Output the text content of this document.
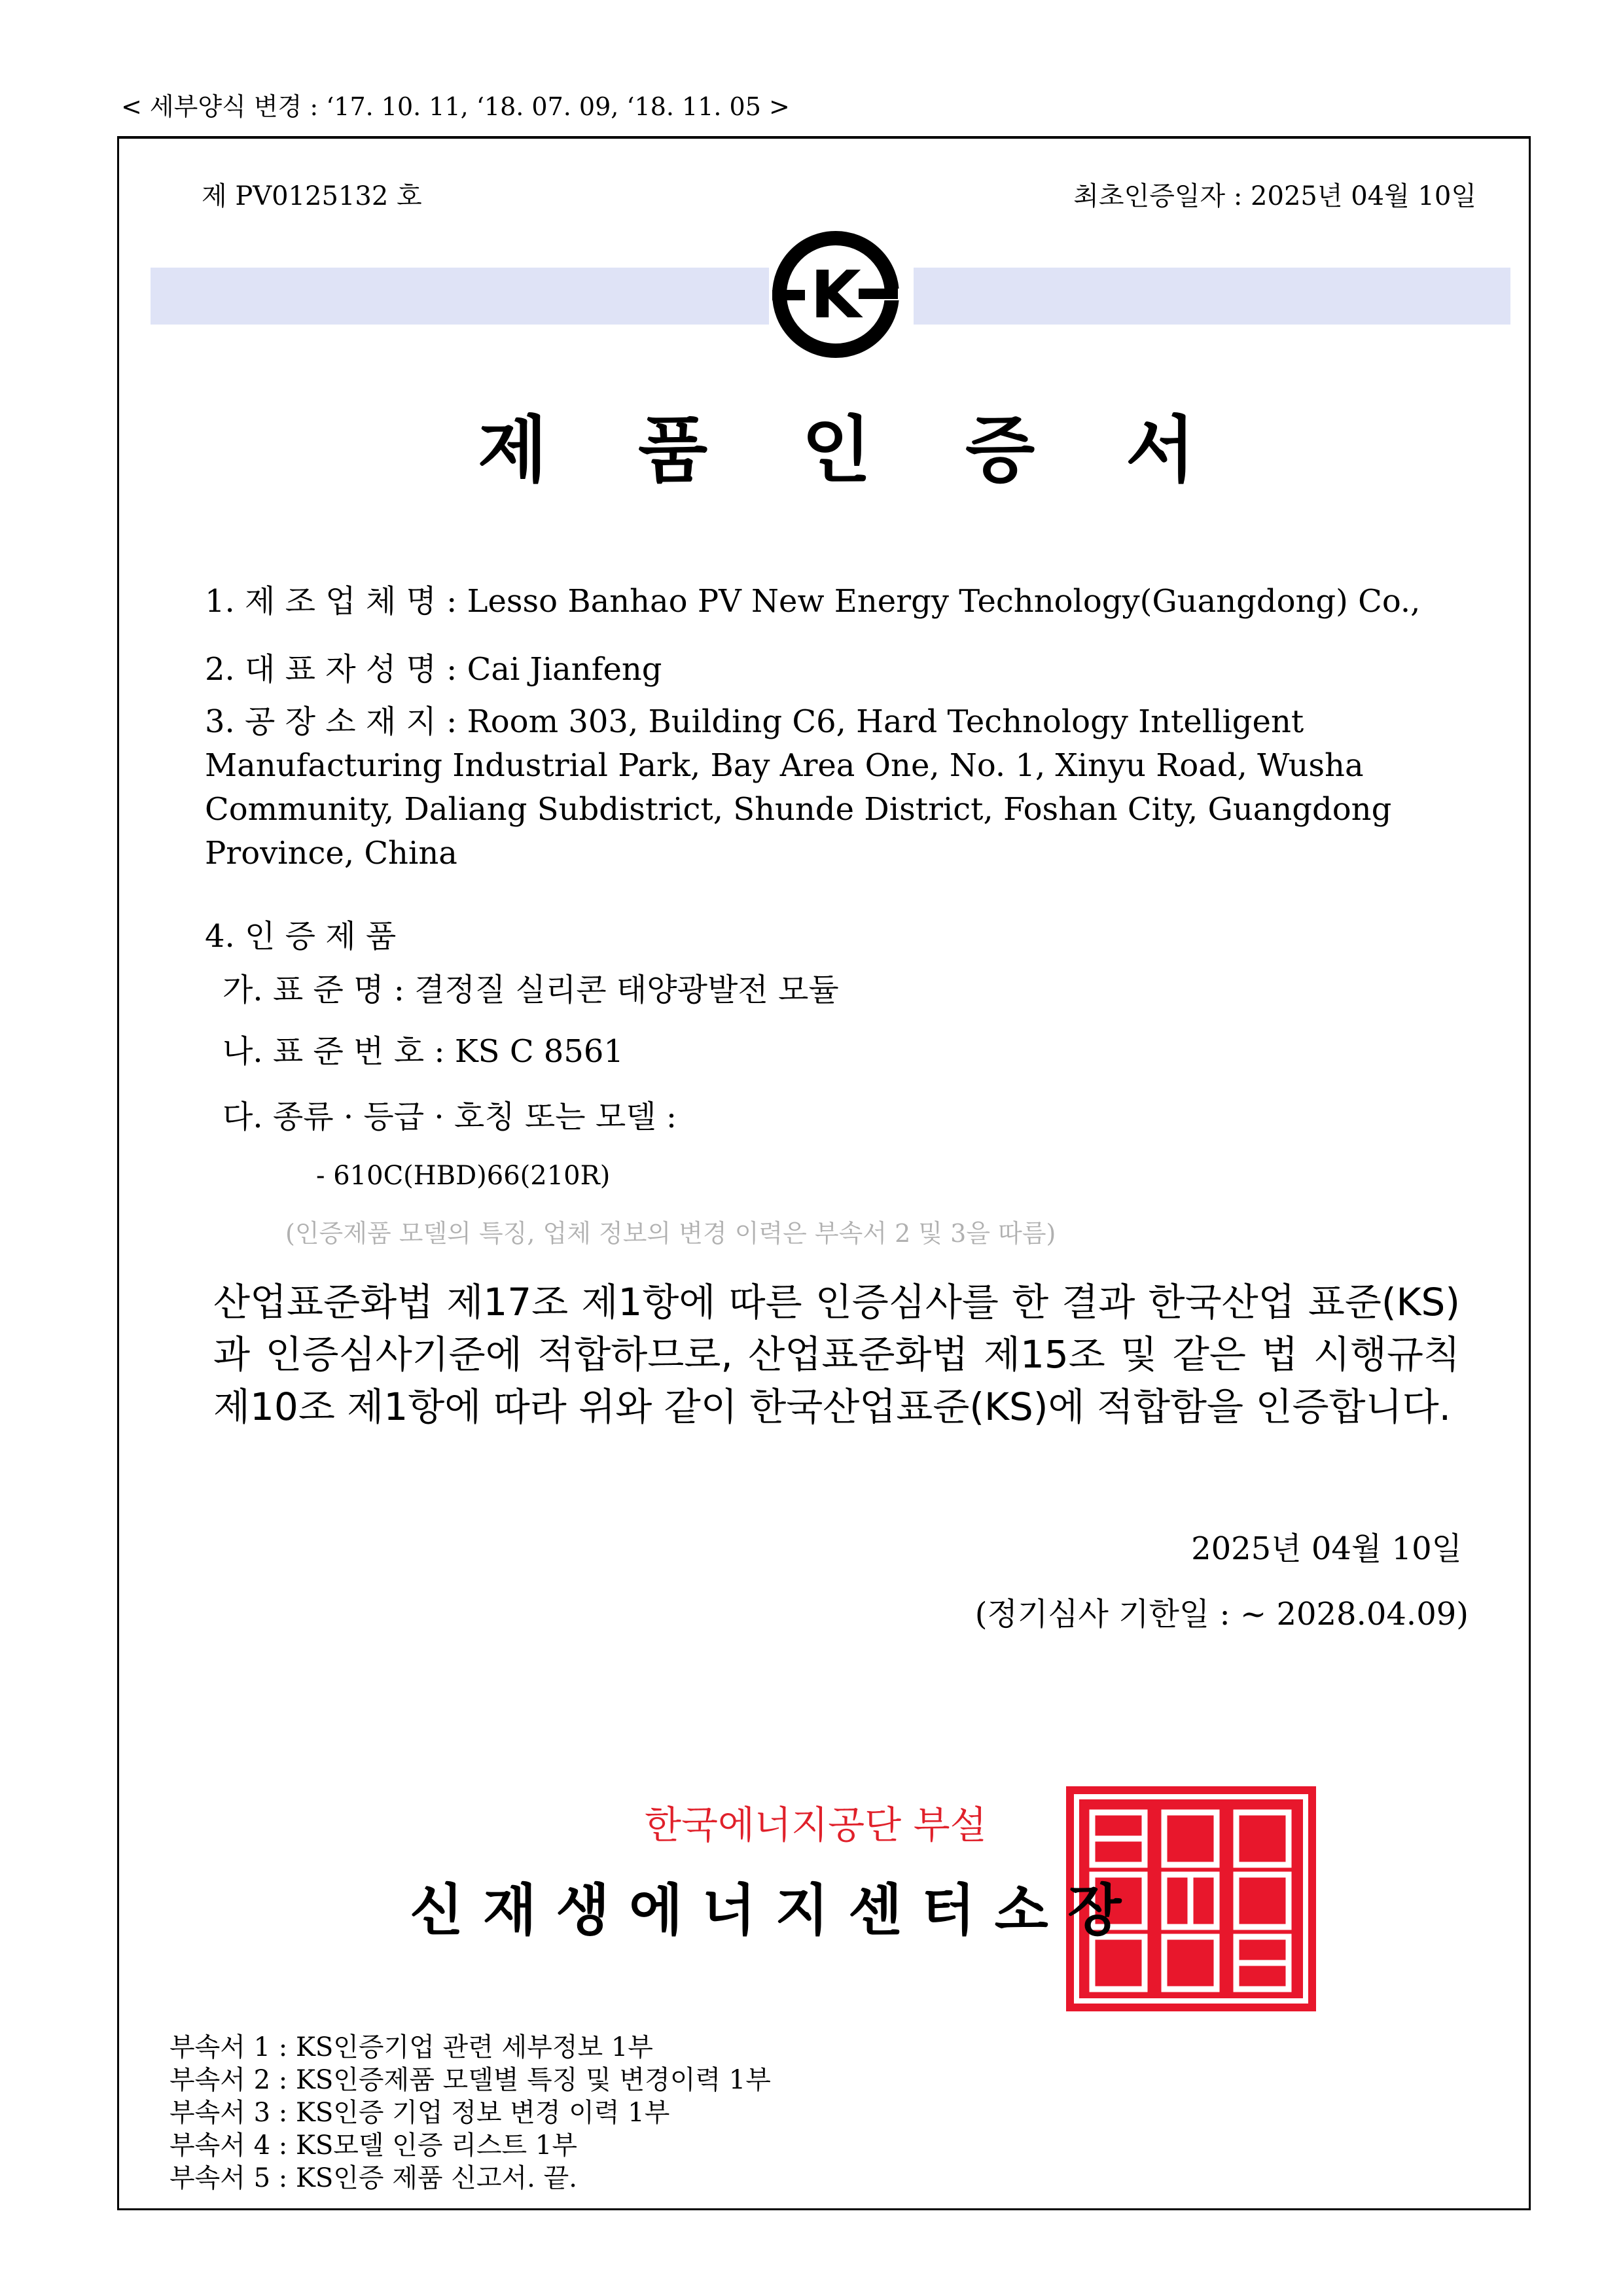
< 세부양식 변경 : ‘17. 10. 11, ‘18. 07. 09, ‘18. 11. 05 >
제 PV0125132 호	최초인증일자 : 2025년 04월 10일
K
제 품 인 증 서
1. 제 조 업 체 명 : Lesso Banhao PV New Energy Technology(Guangdong) Co.,
2. 대 표 자 성 명 : Cai Jianfeng
3. 공 장 소 재 지 : Room 303, Building C6, Hard Technology Intelligent
Manufacturing Industrial Park, Bay Area One, No. 1, Xinyu Road, Wusha
Community, Daliang Subdistrict, Shunde District, Foshan City, Guangdong
Province, China
4. 인 증 제 품
가. 표 준 명 : 결정질 실리콘 태양광발전 모듈
나. 표 준 번 호 : KS C 8561
다. 종류 · 등급 · 호칭 또는 모델 :
- 610C(HBD)66(210R)
(인증제품 모델의 특징, 업체 정보의 변경 이력은 부속서 2 및 3을 따름)
산업표준화법 제17조 제1항에 따른 인증심사를 한 결과 한국산업 표준(KS)과 인증심사기준에 적합하므로, 산업표준화법 제15조 및 같은 법 시행규칙 제10조 제1항에 따라 위와 같이 한국산업표준(KS)에 적합함을 인증합니다.
2025년 04월 10일
(정기심사 기한일 : ~ 2028.04.09)
한국에너지공단 부설
신 재 생 에 너 지 센 터 소 장
부속서 1 : KS인증기업 관련 세부정보 1부
부속서 2 : KS인증제품 모델별 특징 및 변경이력 1부
부속서 3 : KS인증 기업 정보 변경 이력 1부
부속서 4 : KS모델 인증 리스트 1부
부속서 5 : KS인증 제품 신고서. 끝.
